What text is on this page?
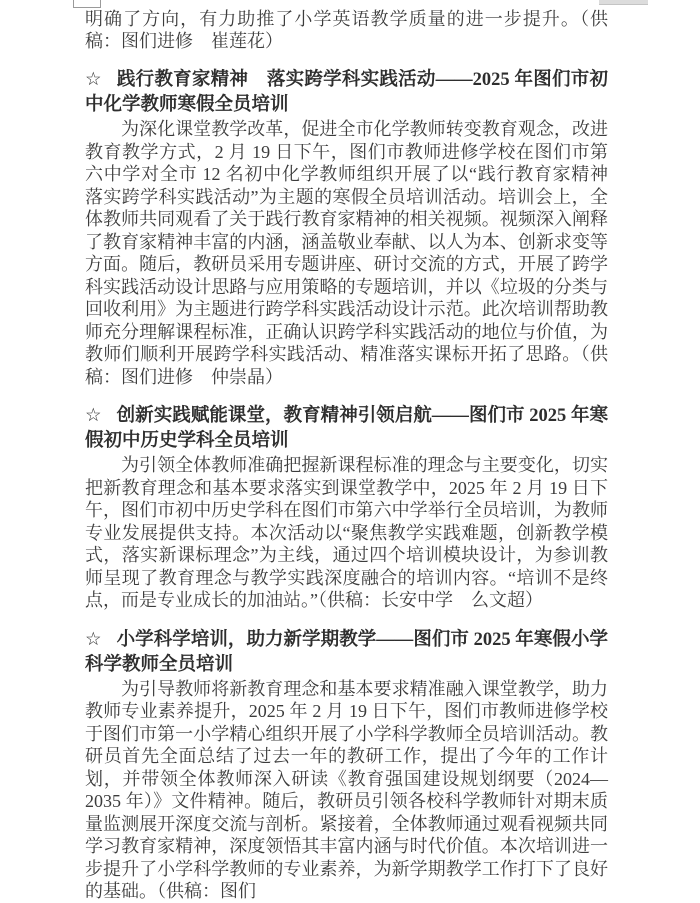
明确了方向，有力助推了小学英语教学质量的进一步提升。（供稿：图们进修　崔莲花）

☆ 践行教育家精神　落实跨学科实践活动——2025 年图们市初中化学教师寒假全员培训

为深化课堂教学改革，促进全市化学教师转变教育观念，改进教育教学方式，2 月 19 日下午，图们市教师进修学校在图们市第六中学对全市 12 名初中化学教师组织开展了以“践行教育家精神　落实跨学科实践活动”为主题的寒假全员培训活动。培训会上，全体教师共同观看了关于践行教育家精神的相关视频。视频深入阐释了教育家精神丰富的内涵，涵盖敬业奉献、以人为本、创新求变等方面。随后，教研员采用专题讲座、研讨交流的方式，开展了跨学科实践活动设计思路与应用策略的专题培训，并以《垃圾的分类与回收利用》为主题进行跨学科实践活动设计示范。此次培训帮助教师充分理解课程标准，正确认识跨学科实践活动的地位与价值，为教师们顺利开展跨学科实践活动、精准落实课标开拓了思路。（供稿：图们进修　仲崇晶）

☆ 创新实践赋能课堂，教育精神引领启航——图们市 2025 年寒假初中历史学科全员培训

为引领全体教师准确把握新课程标准的理念与主要变化，切实把新教育理念和基本要求落实到课堂教学中，2025 年 2 月 19 日下午，图们市初中历史学科在图们市第六中学举行全员培训，为教师专业发展提供支持。本次活动以“聚焦教学实践难题，创新教学模式，落实新课标理念”为主线，通过四个培训模块设计，为参训教师呈现了教育理念与教学实践深度融合的培训内容。“培训不是终点，而是专业成长的加油站。”（供稿：长安中学　么文超）

☆ 小学科学培训，助力新学期教学——图们市 2025 年寒假小学科学教师全员培训

为引导教师将新教育理念和基本要求精准融入课堂教学，助力教师专业素养提升，2025 年 2 月 19 日下午，图们市教师进修学校于图们市第一小学精心组织开展了小学科学教师全员培训活动。教研员首先全面总结了过去一年的教研工作，提出了今年的工作计划，并带领全体教师深入研读《教育强国建设规划纲要（2024—2035 年）》文件精神。随后，教研员引领各校科学教师针对期末质量监测展开深度交流与剖析。紧接着，全体教师通过观看视频共同学习教育家精神，深度领悟其丰富内涵与时代价值。本次培训进一步提升了小学科学教师的专业素养，为新学期教学工作打下了良好的基础。（供稿：图们
